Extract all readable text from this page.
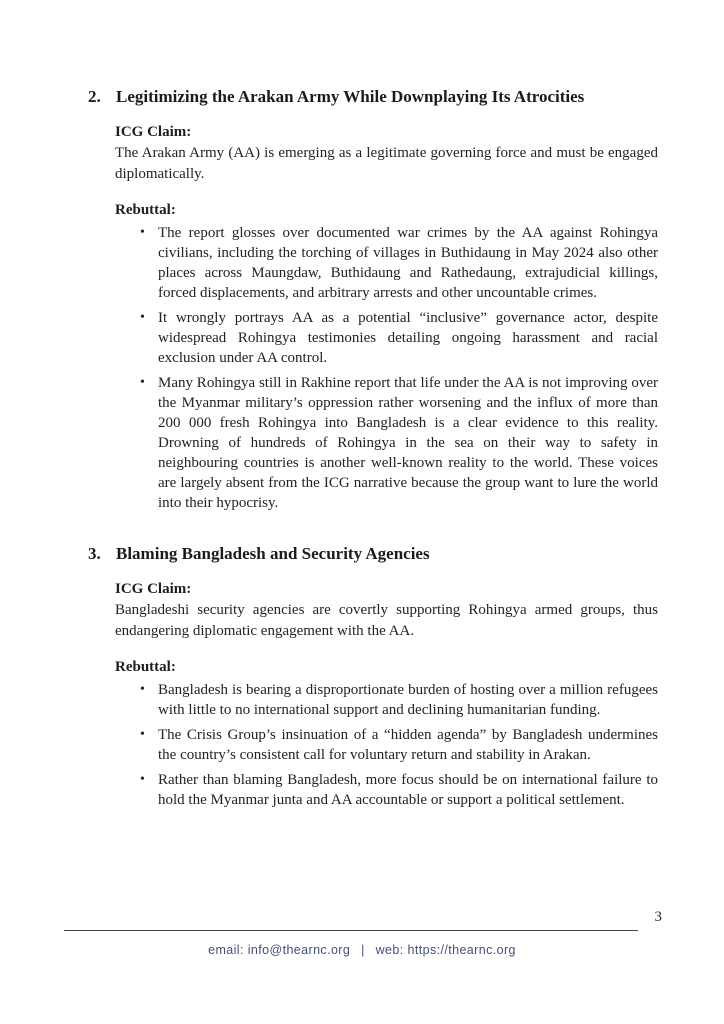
2. Legitimizing the Arakan Army While Downplaying Its Atrocities
ICG Claim:
The Arakan Army (AA) is emerging as a legitimate governing force and must be engaged diplomatically.
Rebuttal:
• The report glosses over documented war crimes by the AA against Rohingya civilians, including the torching of villages in Buthidaung in May 2024 also other places across Maungdaw, Buthidaung and Rathedaung, extrajudicial killings, forced displacements, and arbitrary arrests and other uncountable crimes.
• It wrongly portrays AA as a potential “inclusive” governance actor, despite widespread Rohingya testimonies detailing ongoing harassment and racial exclusion under AA control.
• Many Rohingya still in Rakhine report that life under the AA is not improving over the Myanmar military’s oppression rather worsening and the influx of more than 200 000 fresh Rohingya into Bangladesh is a clear evidence to this reality. Drowning of hundreds of Rohingya in the sea on their way to safety in neighbouring countries is another well-known reality to the world. These voices are largely absent from the ICG narrative because the group want to lure the world into their hypocrisy.
3. Blaming Bangladesh and Security Agencies
ICG Claim:
Bangladeshi security agencies are covertly supporting Rohingya armed groups, thus endangering diplomatic engagement with the AA.
Rebuttal:
• Bangladesh is bearing a disproportionate burden of hosting over a million refugees with little to no international support and declining humanitarian funding.
• The Crisis Group’s insinuation of a “hidden agenda” by Bangladesh undermines the country’s consistent call for voluntary return and stability in Arakan.
• Rather than blaming Bangladesh, more focus should be on international failure to hold the Myanmar junta and AA accountable or support a political settlement.
3
email: info@thearnc.org | web: https://thearnc.org
